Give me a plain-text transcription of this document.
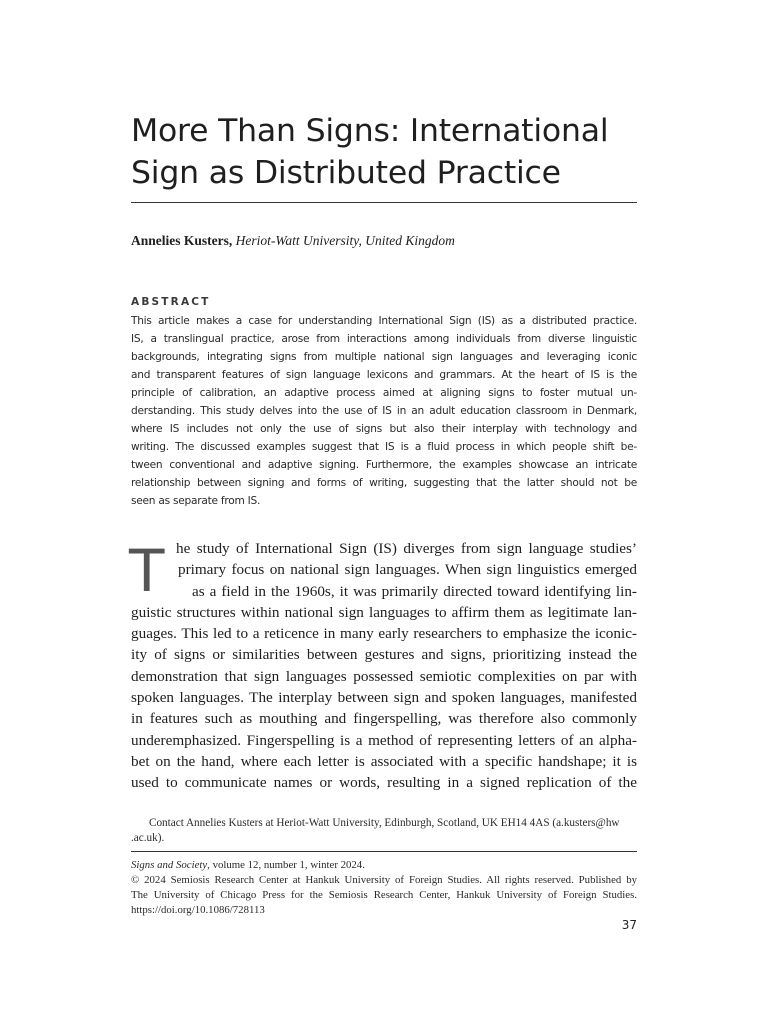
More Than Signs: International
Sign as Distributed Practice
Annelies Kusters, Heriot-Watt University, United Kingdom
ABSTRACT
This article makes a case for understanding International Sign (IS) as a distributed practice.
IS, a translingual practice, arose from interactions among individuals from diverse linguistic
backgrounds, integrating signs from multiple national sign languages and leveraging iconic
and transparent features of sign language lexicons and grammars. At the heart of IS is the
principle of calibration, an adaptive process aimed at aligning signs to foster mutual un-
derstanding. This study delves into the use of IS in an adult education classroom in Denmark,
where IS includes not only the use of signs but also their interplay with technology and
writing. The discussed examples suggest that IS is a fluid process in which people shift be-
tween conventional and adaptive signing. Furthermore, the examples showcase an intricate
relationship between signing and forms of writing, suggesting that the latter should not be
seen as separate from IS.
T he study of International Sign (IS) diverges from sign language studies’
primary focus on national sign languages. When sign linguistics emerged
as a field in the 1960s, it was primarily directed toward identifying lin-
guistic structures within national sign languages to affirm them as legitimate lan-
guages. This led to a reticence in many early researchers to emphasize the iconic-
ity of signs or similarities between gestures and signs, prioritizing instead the
demonstration that sign languages possessed semiotic complexities on par with
spoken languages. The interplay between sign and spoken languages, manifested
in features such as mouthing and fingerspelling, was therefore also commonly
underemphasized. Fingerspelling is a method of representing letters of an alpha-
bet on the hand, where each letter is associated with a specific handshape; it is
used to communicate names or words, resulting in a signed replication of the
Contact Annelies Kusters at Heriot-Watt University, Edinburgh, Scotland, UK EH14 4AS (a.kusters@hw
.ac.uk).
Signs and Society, volume 12, number 1, winter 2024.
© 2024 Semiosis Research Center at Hankuk University of Foreign Studies. All rights reserved. Published by
The University of Chicago Press for the Semiosis Research Center, Hankuk University of Foreign Studies.
https://doi.org/10.1086/728113
37
